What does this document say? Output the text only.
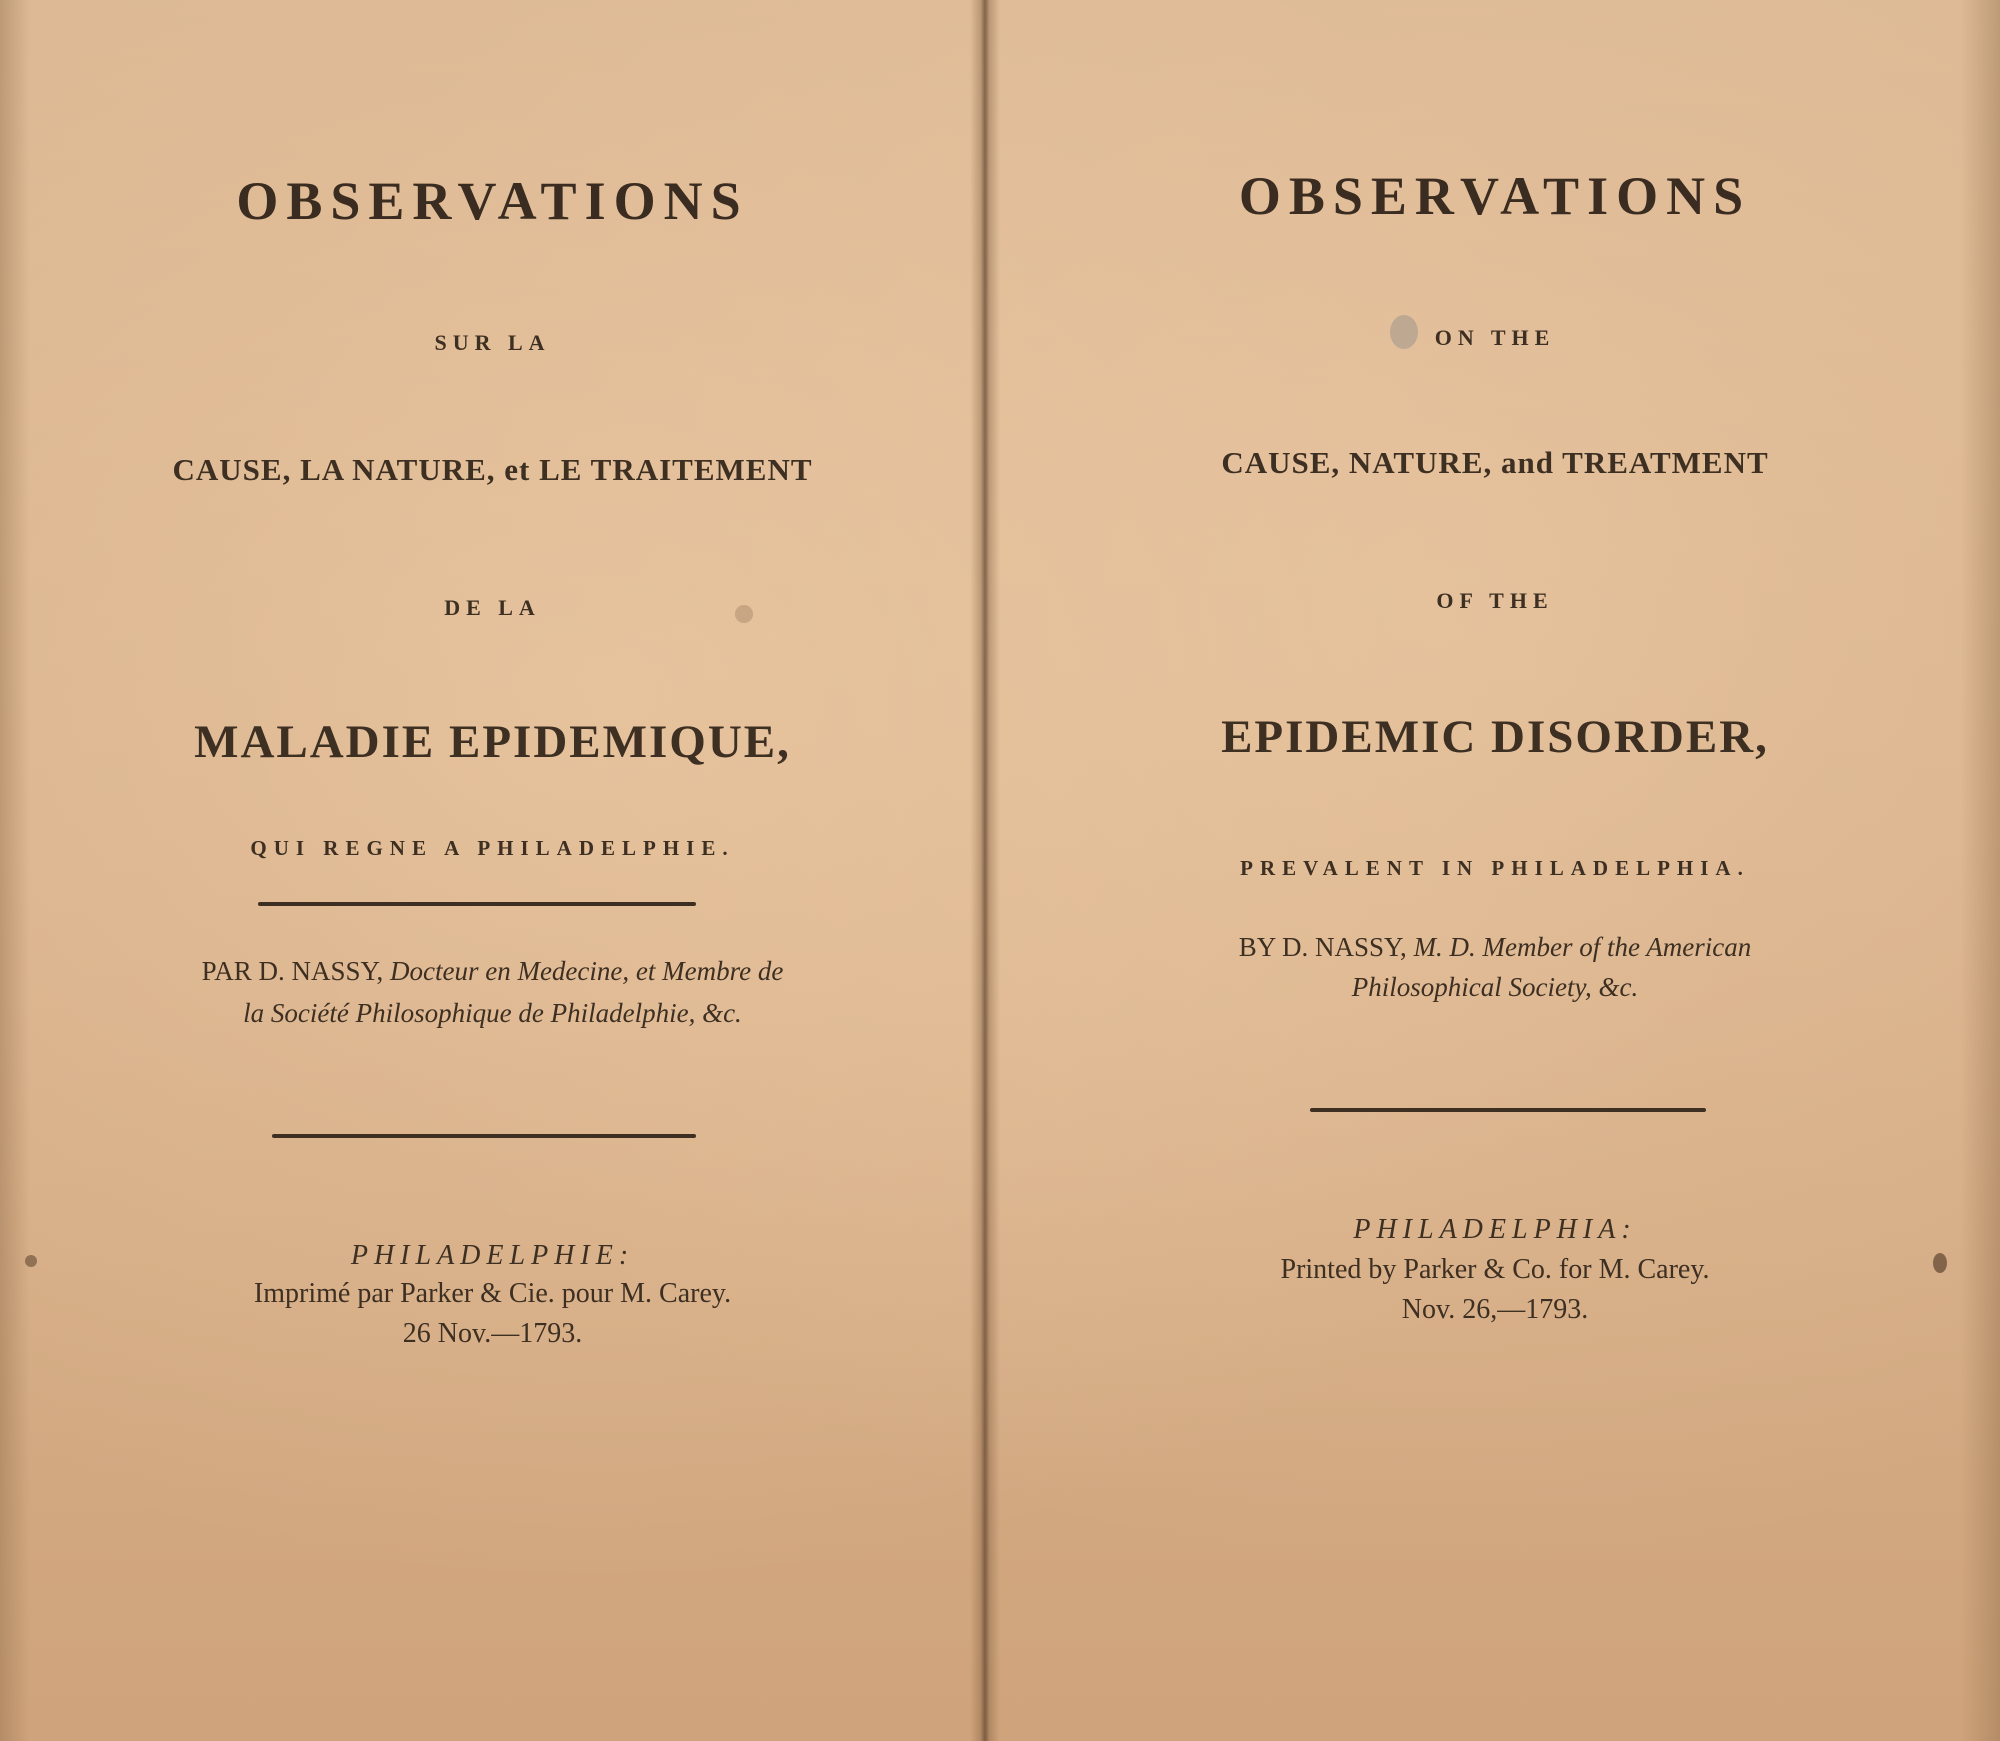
OBSERVATIONS
SUR LA
CAUSE, LA NATURE, et LE TRAITEMENT
DE LA
MALADIE EPIDEMIQUE,
QUI REGNE A PHILADELPHIE.
PAR D. NASSY, Docteur en Medecine, et Membre de
la Société Philosophique de Philadelphie, &c.
PHILADELPHIE:
Imprimé par Parker & Cie. pour M. Carey.
26 Nov.—1793.
OBSERVATIONS
ON THE
CAUSE, NATURE, and TREATMENT
OF THE
EPIDEMIC DISORDER,
PREVALENT IN PHILADELPHIA.
BY D. NASSY, M. D. Member of the American
Philosophical Society, &c.
PHILADELPHIA:
Printed by Parker & Co. for M. Carey.
Nov. 26,—1793.
